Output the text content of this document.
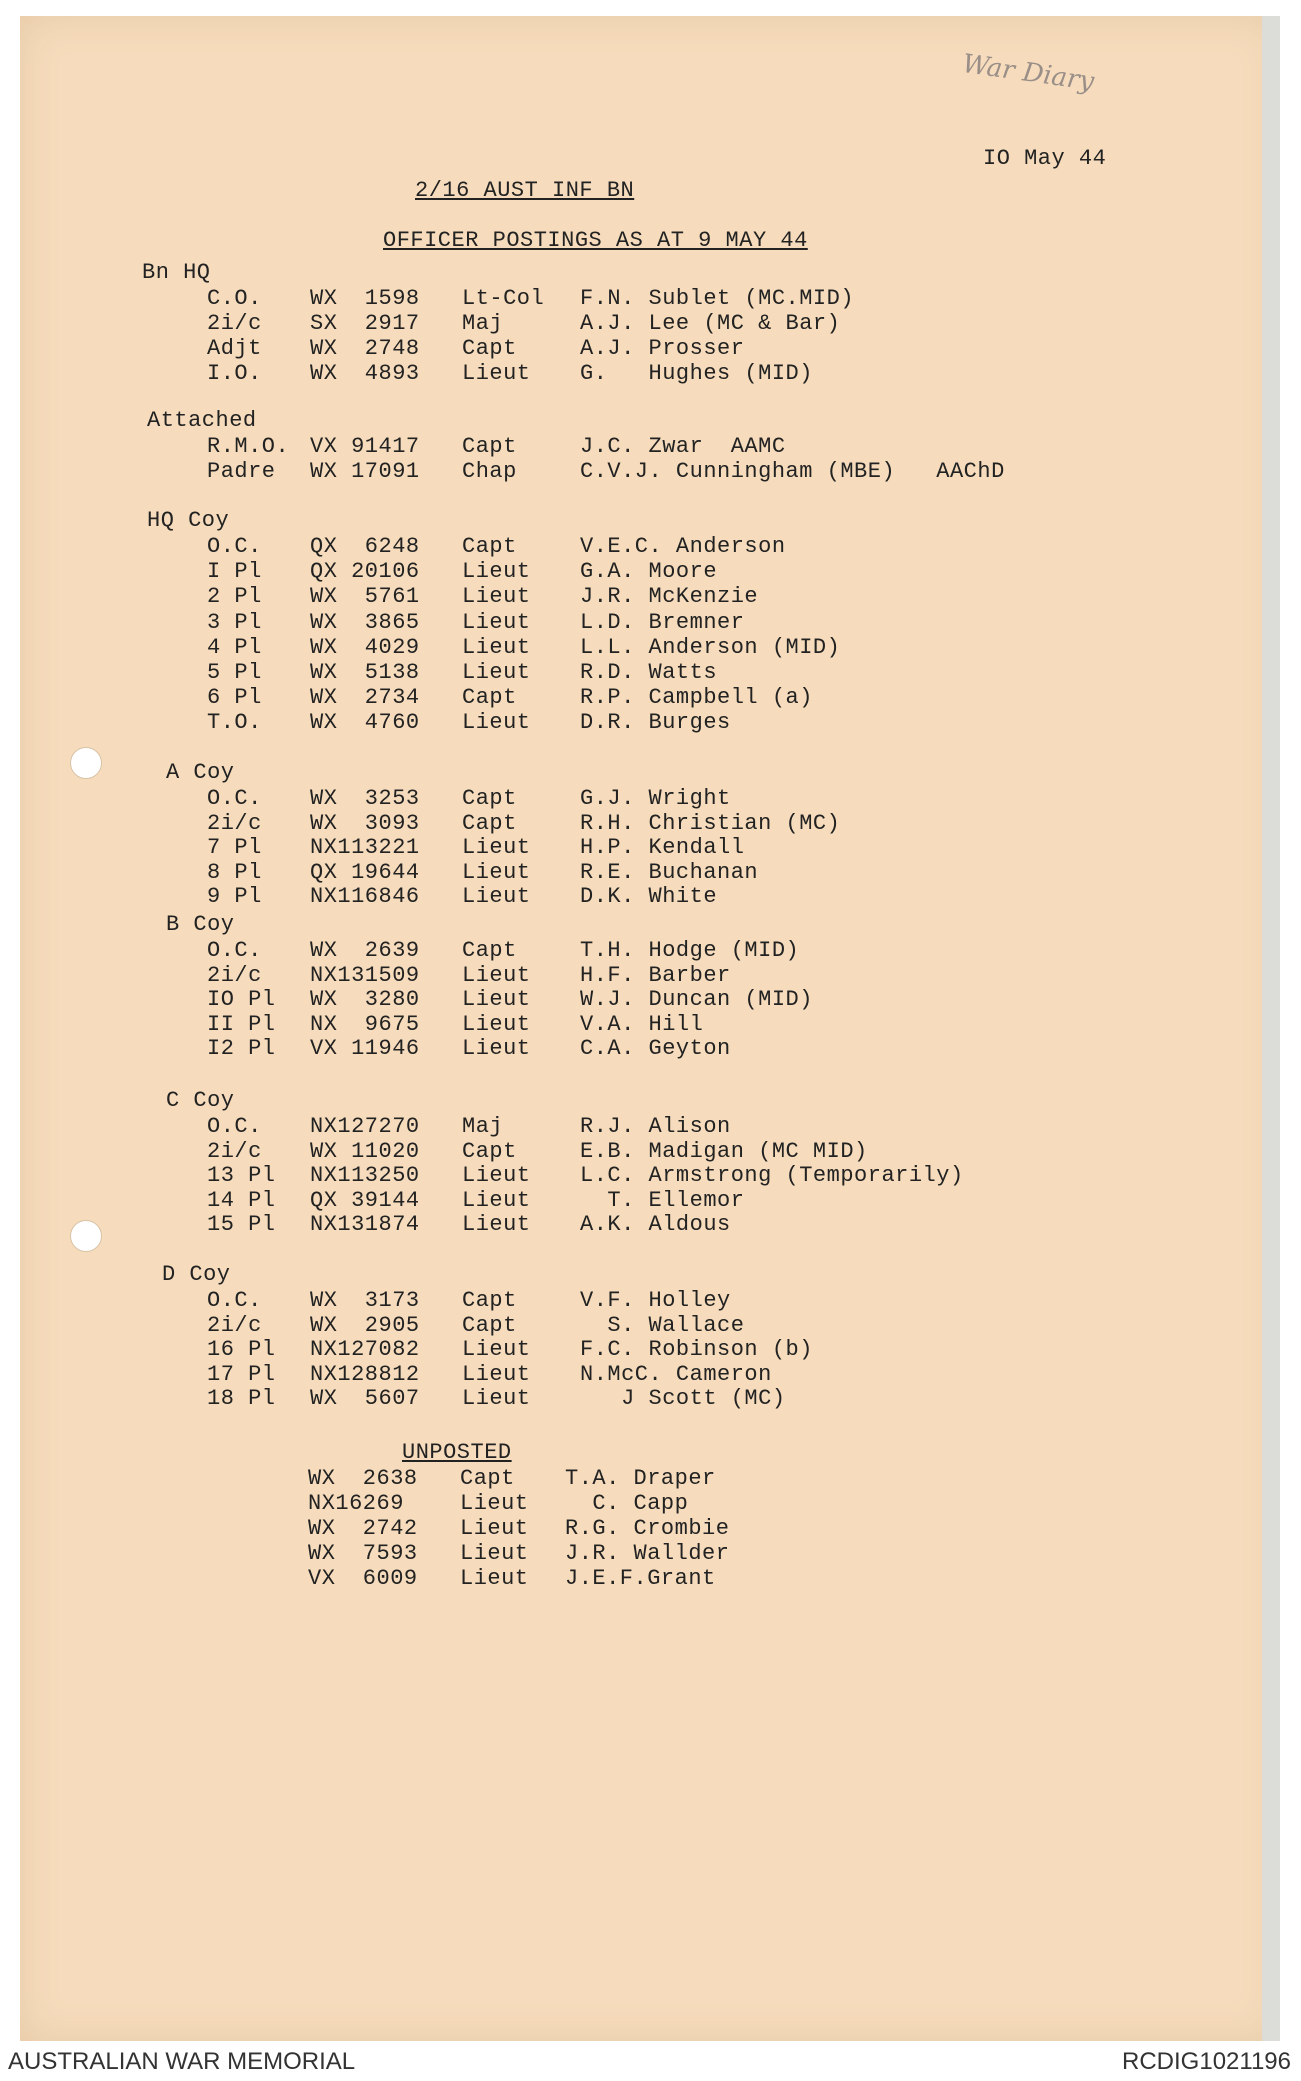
War Diary
IO May 44
2/16 AUST INF BN
OFFICER POSTINGS AS AT 9 MAY 44
Bn HQ
C.O. WX  1598 Lt-Col F.N. Sublet (MC.MID)
2i/c SX  2917 Maj	A.J. Lee (MC & Bar)
Adjt WX  2748 Capt	A.J. Prosser
I.O. WX  4893 Lieut G.   Hughes (MID)
Attached
R.M.O. VX 91417 Capt	J.C. Zwar  AAMC
Padre WX 17091 Chap	C.V.J. Cunningham (MBE)   AAChD
HQ Coy
O.C. QX  6248 Capt	V.E.C. Anderson
I Pl QX 20106 Lieut G.A. Moore
2 Pl WX  5761 Lieut J.R. McKenzie
3 Pl WX  3865 Lieut L.D. Bremner
4 Pl WX  4029 Lieut L.L. Anderson (MID)
5 Pl WX  5138 Lieut R.D. Watts
6 Pl WX  2734 Capt	R.P. Campbell (a)
T.O. WX  4760 Lieut D.R. Burges
A Coy
O.C. WX  3253 Capt	G.J. Wright
2i/c WX  3093 Capt	R.H. Christian (MC)
7 Pl NX113221 Lieut H.P. Kendall
8 Pl QX 19644 Lieut R.E. Buchanan
9 Pl NX116846 Lieut D.K. White
B Coy
O.C. WX  2639 Capt	T.H. Hodge (MID)
2i/c NX131509 Lieut H.F. Barber
IO Pl WX  3280 Lieut W.J. Duncan (MID)
II Pl NX  9675 Lieut V.A. Hill
I2 Pl VX 11946 Lieut C.A. Geyton
C Coy
O.C. NX127270 Maj	R.J. Alison
2i/c WX 11020 Capt	E.B. Madigan (MC MID)
13 Pl NX113250 Lieut L.C. Armstrong (Temporarily)
14 Pl QX 39144 Lieut T. Ellemor
15 Pl NX131874 Lieut A.K. Aldous
D Coy
O.C. WX  3173 Capt	V.F. Holley
2i/c WX  2905 Capt	S. Wallace
16 Pl NX127082 Lieut F.C. Robinson (b)
17 Pl NX128812 Lieut N.McC. Cameron
18 Pl WX  5607 Lieut J Scott (MC)
UNPOSTED
WX  2638 Capt T.A. Draper
NX16269	Lieut C. Capp
WX  2742 Lieut R.G. Crombie
WX  7593 Lieut J.R. Wallder
VX  6009 Lieut J.E.F.Grant
AUSTRALIAN WAR MEMORIAL	RCDIG1021196
